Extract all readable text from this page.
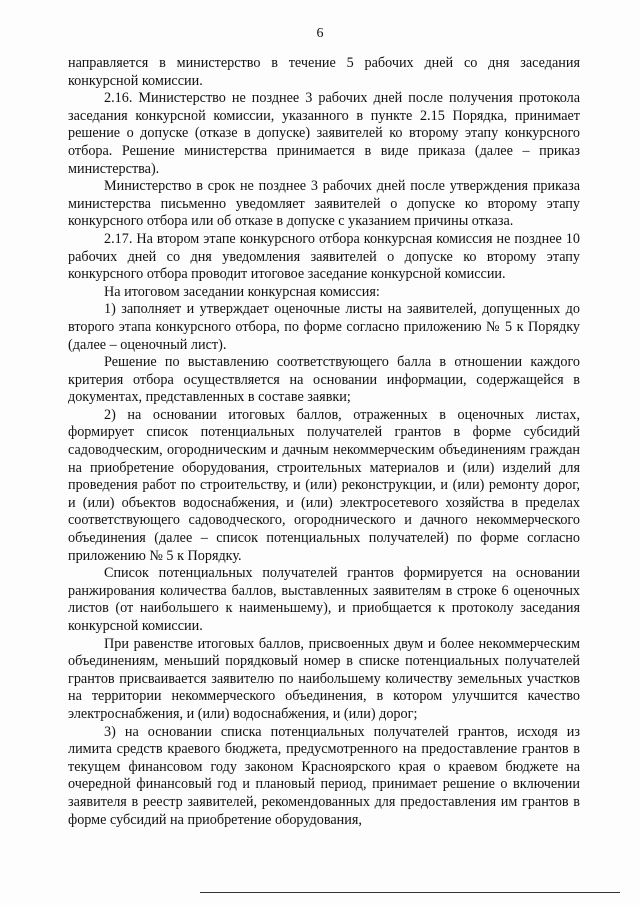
6

направляется в министерство в течение 5 рабочих дней со дня заседания конкурсной комиссии.

2.16. Министерство не позднее 3 рабочих дней после получения протокола заседания конкурсной комиссии, указанного в пункте 2.15 Порядка, принимает решение о допуске (отказе в допуске) заявителей ко второму этапу конкурсного отбора. Решение министерства принимается в виде приказа (далее – приказ министерства).

Министерство в срок не позднее 3 рабочих дней после утверждения приказа министерства письменно уведомляет заявителей о допуске ко второму этапу конкурсного отбора или об отказе в допуске с указанием причины отказа.

2.17. На втором этапе конкурсного отбора конкурсная комиссия не позднее 10 рабочих дней со дня уведомления заявителей о допуске ко второму этапу конкурсного отбора проводит итоговое заседание конкурсной комиссии.

На итоговом заседании конкурсная комиссия:

1) заполняет и утверждает оценочные листы на заявителей, допущенных до второго этапа конкурсного отбора, по форме согласно приложению № 5 к Порядку (далее – оценочный лист).

Решение по выставлению соответствующего балла в отношении каждого критерия отбора осуществляется на основании информации, содержащейся в документах, представленных в составе заявки;

2) на основании итоговых баллов, отраженных в оценочных листах, формирует список потенциальных получателей грантов в форме субсидий садоводческим, огородническим и дачным некоммерческим объединениям граждан на приобретение оборудования, строительных материалов и (или) изделий для проведения работ по строительству, и (или) реконструкции, и (или) ремонту дорог, и (или) объектов водоснабжения, и (или) электросетевого хозяйства в пределах соответствующего садоводческого, огороднического и дачного некоммерческого объединения (далее – список потенциальных получателей) по форме согласно приложению № 5 к Порядку.

Список потенциальных получателей грантов формируется на основании ранжирования количества баллов, выставленных заявителям в строке 6 оценочных листов (от наибольшего к наименьшему), и приобщается к протоколу заседания конкурсной комиссии.

При равенстве итоговых баллов, присвоенных двум и более некоммерческим объединениям, меньший порядковый номер в списке потенциальных получателей грантов присваивается заявителю по наибольшему количеству земельных участков на территории некоммерческого объединения, в котором улучшится качество электроснабжения, и (или) водоснабжения, и (или) дорог;

3) на основании списка потенциальных получателей грантов, исходя из лимита средств краевого бюджета, предусмотренного на предоставление грантов в текущем финансовом году законом Красноярского края о краевом бюджете на очередной финансовый год и плановый период, принимает решение о включении заявителя в реестр заявителей, рекомендованных для предоставления им грантов в форме субсидий на приобретение оборудования,
